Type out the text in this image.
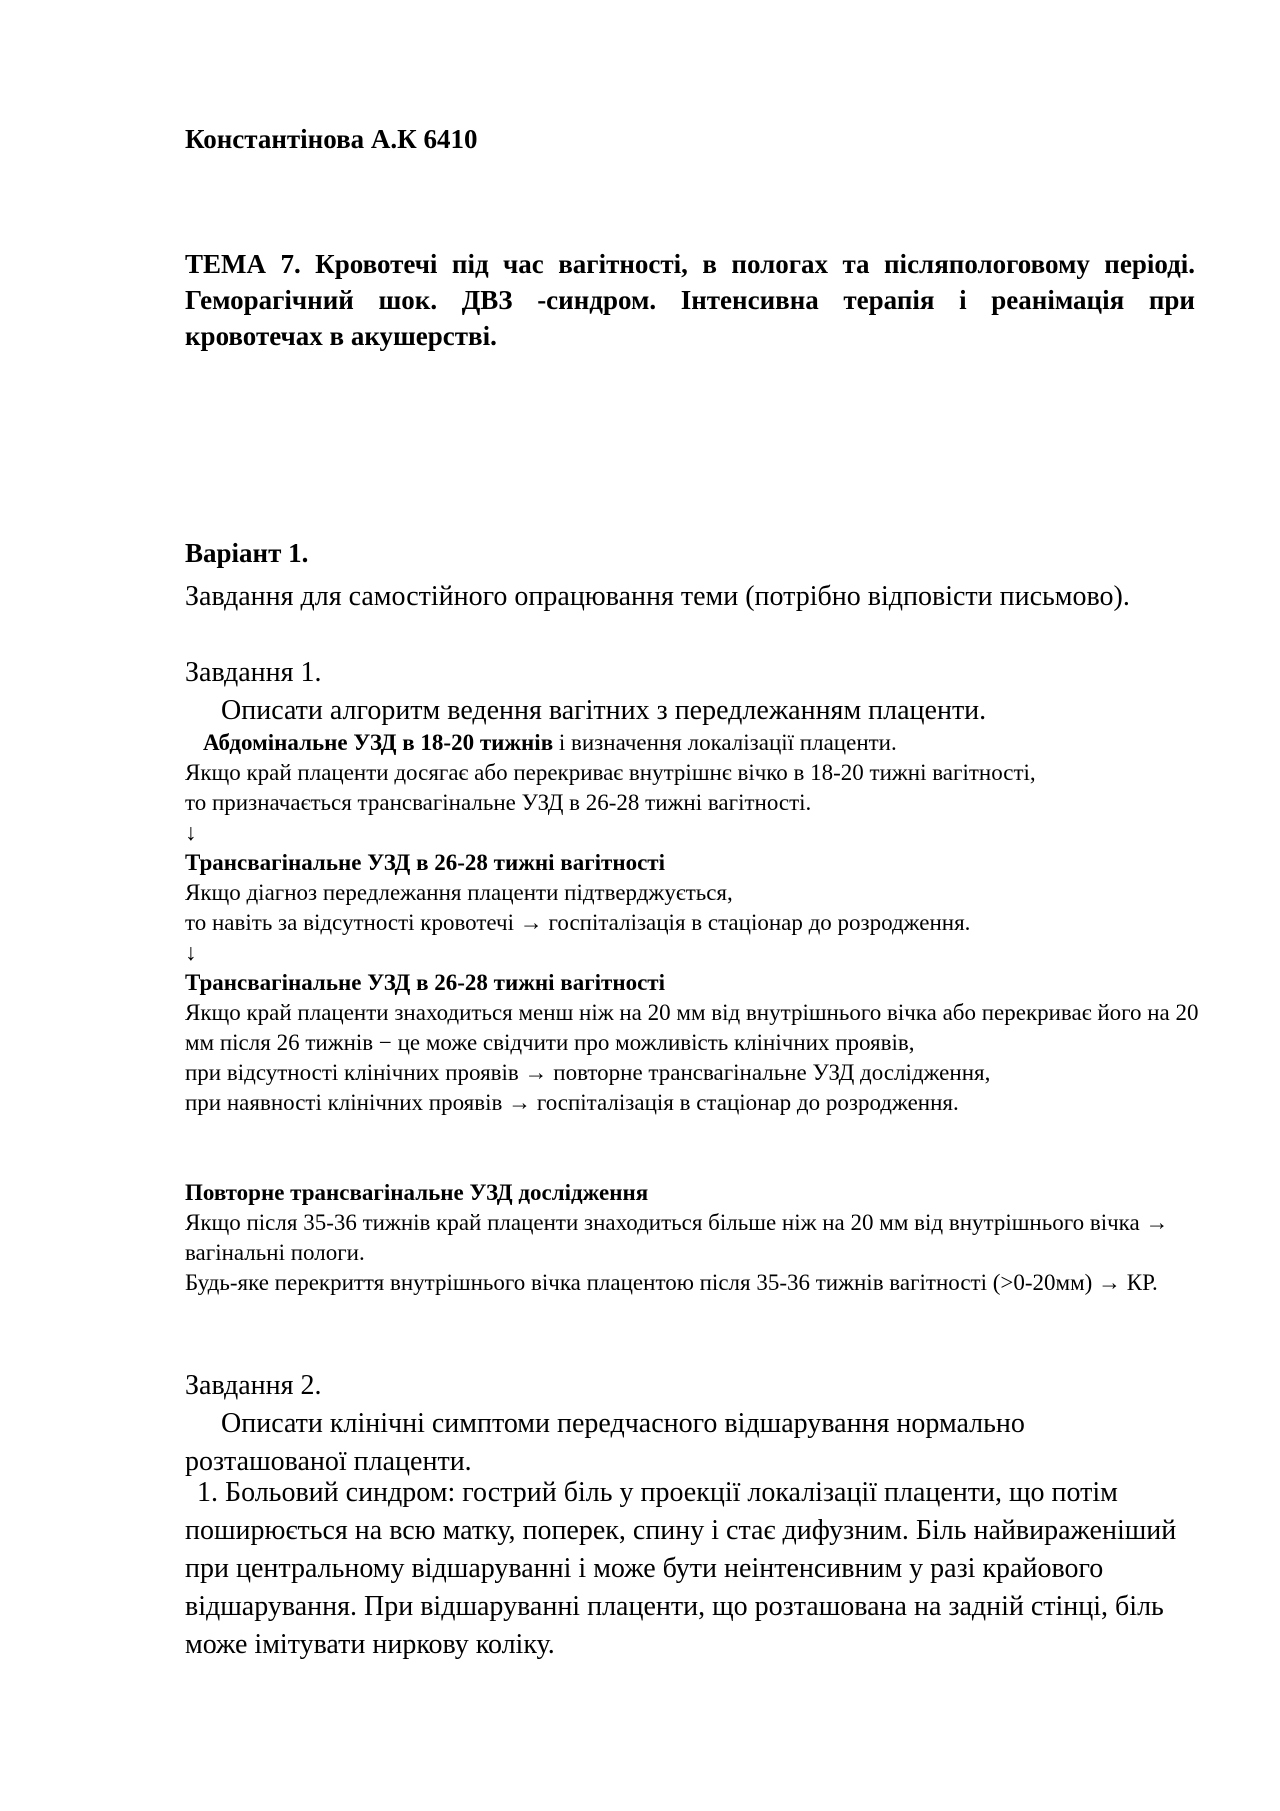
Константінова А.К 6410

ТЕМА 7. Кровотечі під час вагітності, в пологах та післяпологовому періоді. Геморагічний шок. ДВЗ -синдром. Інтенсивна терапія і реанімація при кровотечах в акушерстві.

Варіант 1.

Завдання для самостійного опрацювання теми (потрібно відповісти письмово).

Завдання 1.
Описати алгоритм ведення вагітних з передлежанням плаценти.
Абдомінальне УЗД в 18-20 тижнів і визначення локалізації плаценти.
Якщо край плаценти досягає або перекриває внутрішнє вічко в 18-20 тижні вагітності,
то призначається трансвагінальне УЗД в 26-28 тижні вагітності.
↓
Трансвагінальне УЗД в 26-28 тижні вагітності
Якщо діагноз передлежання плаценти підтверджується,
то навіть за відсутності кровотечі → госпіталізація в стаціонар до розродження.
↓
Трансвагінальне УЗД в 26-28 тижні вагітності
Якщо край плаценти знаходиться менш ніж на 20 мм від внутрішнього вічка або перекриває його на 20 мм після 26 тижнів − це може свідчити про можливість клінічних проявів,
при відсутності клінічних проявів → повторне трансвагінальне УЗД дослідження,
при наявності клінічних проявів → госпіталізація в стаціонар до розродження.
Повторне трансвагінальне УЗД дослідження
Якщо після 35-36 тижнів край плаценти знаходиться більше ніж на 20 мм від внутрішнього вічка → вагінальні пологи.
Будь-яке перекриття внутрішнього вічка плацентою після 35-36 тижнів вагітності (>0-20мм) → КР.
Завдання 2.

Описати клінічні симптоми передчасного відшарування нормально розташованої плаценти.

1. Больовий синдром: гострий біль у проекції локалізації плаценти, що потім поширюється на всю матку, поперек, спину і стає дифузним. Біль найвираженіший при центральному відшаруванні і може бути неінтенсивним у разі крайового відшарування. При відшаруванні плаценти, що розташована на задній стінці, біль може імітувати ниркову коліку.
